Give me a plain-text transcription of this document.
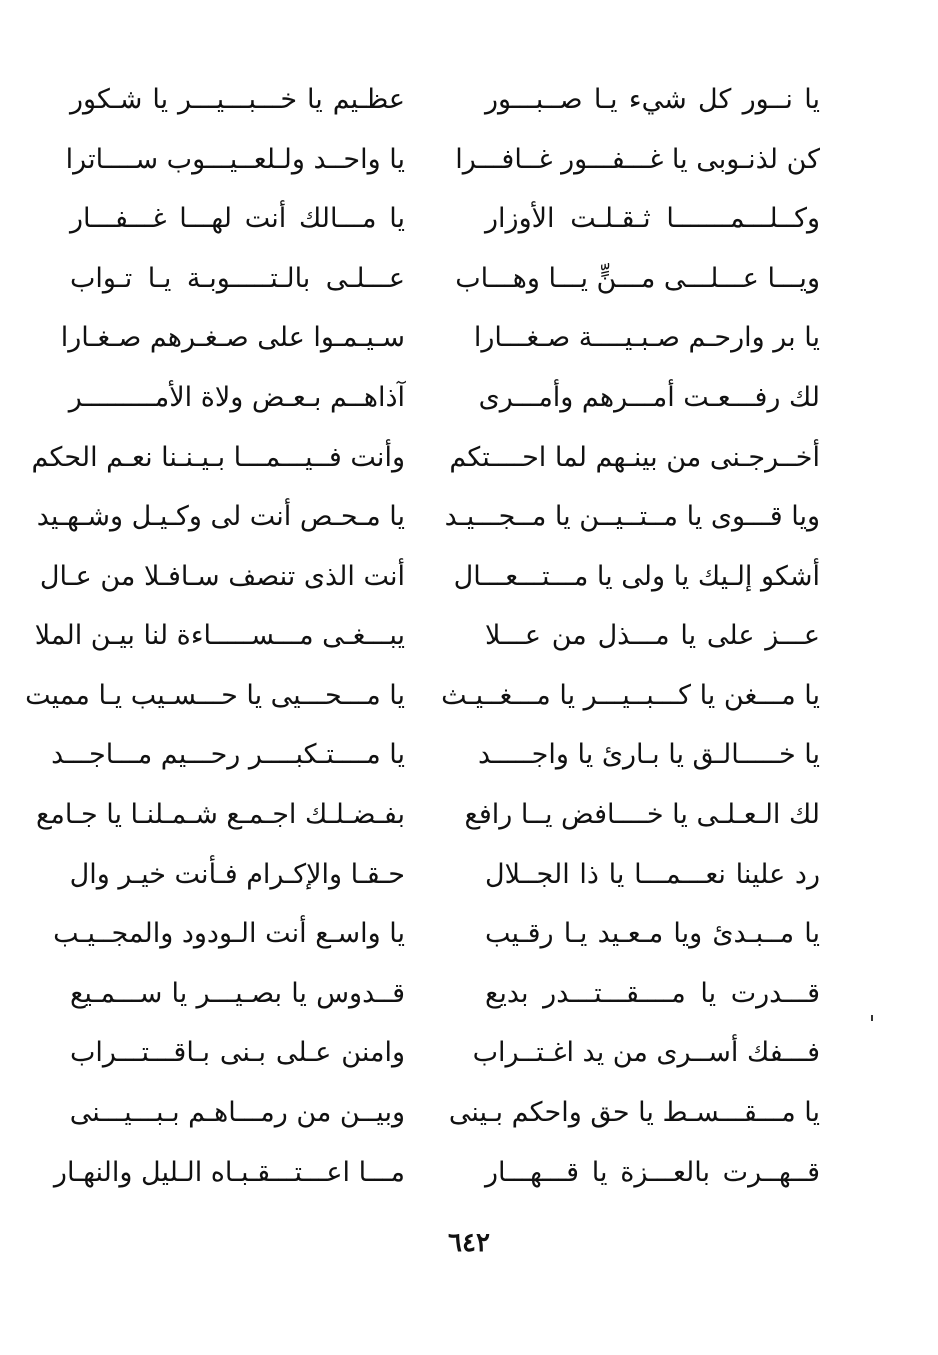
يا نــور كل شيء يـا صــبـــور
عظـيم يا خـــبـــيـــر يا شـكور
كن لذنـوبى يا غـــفـــور غــافـــرا
يا واحــد ولـلعــيـــوب ســــاترا
وكــلـــمـــــــا ثـقـلـت الأوزار
يا مـــالك أنت لهـــا غـــفـــار
ويـــا عـــلـــى مـــنٍّ يـــا وهـــاب
عـــلـى بالـتـــــوبـة يـا تـواب
يا بر وارحـم صـبـيــــة صـغـــارا
سـيـمـوا على صـغـرهم صـغـارا
لك رفـــعـت أمـــرهم وأمـــرى
آذاهــم بـعـض ولاة الأمـــــــــر
أخــرجـنى من بينـهم لما احــــتكم
وأنت فــيـــمـــا بـيـنـنا نعـم الحكم
ويا قـــوى يا مــتــيــن يا مــجـــيـد
يا مـحـص أنت لى وكـيـل وشـهـيد
أشكو إلـيك يا ولى يا مـــتـــعـــال
أنت الذى تنصف سـافـلا من عـال
عـــز على يا مـــذل من عـــلا
يبـــغـى مـــســـــاءة لنا بيـن الملا
يا مـــغن يا كـــبــيـــر يا مـــغــيـث
يا مـــحـــيى يا حـــسـيب يـا مميت
يا خـــــالـق يا بـارئ يا واجـــــد
يا مــــتـكبــــر رحـــيم مـــاجـــد
لك الـعـلـى يا خــــافض يــا رافع
بفـضـلـك اجـمـع شـمـلنـا يا جـامع
رد علينا نعـــمـــا يا ذا الجــلال
حـقـا والإكـرام فـأنت خيـر وال
يا مــبـدئ ويا مـعـيد يـا رقـيب
يا واسـع أنت الـودود والمجــيـب
قـــدرت يا مــــقـــتـــدر بديع
قــدوس يا بصـيـــر يا ســـمـيع
فـــفك أســرى من يد اغـتــراب
وامنن عـلى بـنى بـاقـــتـــراب
يا مـــقـــسـط يا حق واحكم بـينى
وبيــن من رمـــاهـم بـبـــيـــنى
قــهــرت بالعـــزة يا قـــهـــار
مـــا اعـــتـــقـبـاه الـليل والنهـار
٦٤٢
